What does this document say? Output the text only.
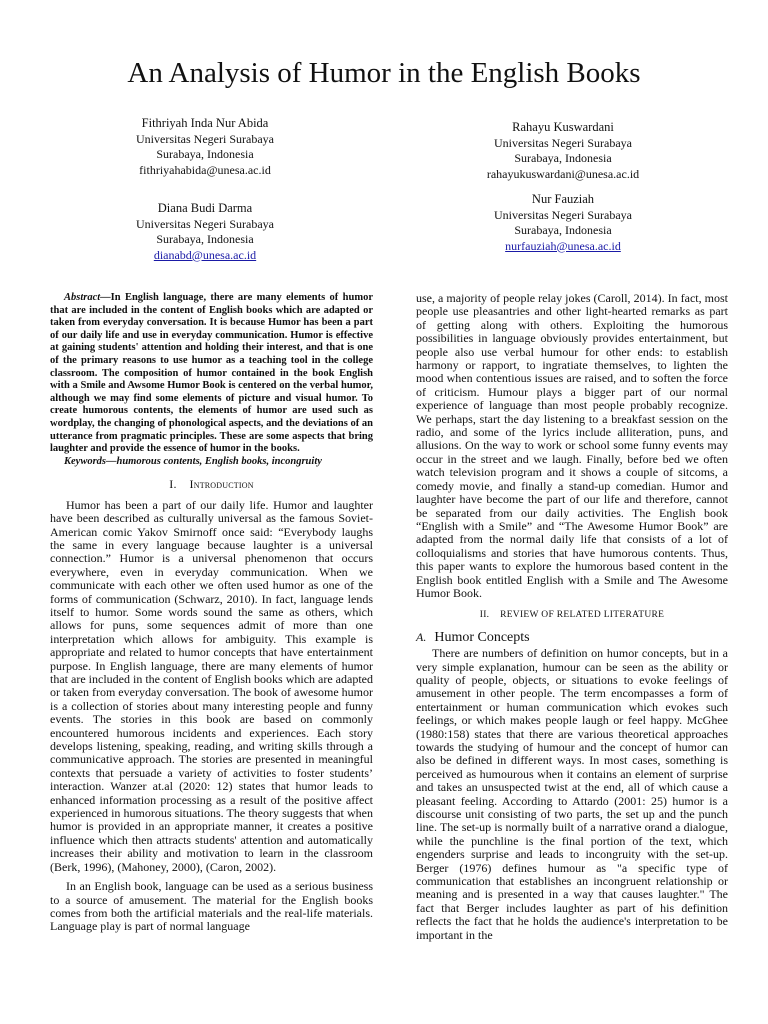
An Analysis of Humor in the English Books
Fithriyah Inda Nur Abida
Universitas Negeri Surabaya
Surabaya, Indonesia
fithriyahabida@unesa.ac.id
Diana Budi Darma
Universitas Negeri Surabaya
Surabaya, Indonesia
dianabd@unesa.ac.id
Rahayu Kuswardani
Universitas Negeri Surabaya
Surabaya, Indonesia
rahayukuswardani@unesa.ac.id
Nur Fauziah
Universitas Negeri Surabaya
Surabaya, Indonesia
nurfauziah@unesa.ac.id

Abstract—In English language, there are many elements of humor that are included in the content of English books which are adapted or taken from everyday conversation. It is because Humor has been a part of our daily life and use in everyday communication. Humor is effective at gaining students' attention and holding their interest, and that is one of the primary reasons to use humor as a teaching tool in the college classroom. The composition of humor contained in the book English with a Smile and Awsome Humor Book is centered on the verbal humor, although we may find some elements of picture and visual humor. To create humorous contents, the elements of humor are used such as wordplay, the changing of phonological aspects, and the deviations of an utterance from pragmatic principles. These are some aspects that bring laughter and provide the essence of humor in the books.

Keywords—humorous contents, English books, incongruity

I. Introduction

Humor has been a part of our daily life. Humor and laughter have been described as culturally universal as the famous Soviet-American comic Yakov Smirnoff once said: “Everybody laughs the same in every language because laughter is a universal connection.” Humor is a universal phenomenon that occurs everywhere, even in everyday communication. When we communicate with each other we often used humor as one of the forms of communication (Schwarz, 2010). In fact, language lends itself to humor. Some words sound the same as others, which allows for puns, some sequences admit of more than one interpretation which allows for ambiguity. This example is appropriate and related to humor concepts that have entertainment purpose. In English language, there are many elements of humor that are included in the content of English books which are adapted or taken from everyday conversation. The book of awesome humor is a collection of stories about many interesting people and funny events. The stories in this book are based on commonly encountered humorous incidents and experiences. Each story develops listening, speaking, reading, and writing skills through a communicative approach. The stories are presented in meaningful contexts that persuade a variety of activities to foster students’ interaction. Wanzer at.al (2020: 12) states that humor leads to enhanced information processing as a result of the positive affect experienced in humorous situations. The theory suggests that when humor is provided in an appropriate manner, it creates a positive influence which then attracts students' attention and automatically increases their ability and motivation to learn in the classroom (Berk, 1996), (Mahoney, 2000), (Caron, 2002).

In an English book, language can be used as a serious business to a source of amusement. The material for the English books comes from both the artificial materials and the real-life materials. Language play is part of normal language

use, a majority of people relay jokes (Caroll, 2014). In fact, most people use pleasantries and other light-hearted remarks as part of getting along with others. Exploiting the humorous possibilities in language obviously provides entertainment, but people also use verbal humour for other ends: to establish harmony or rapport, to ingratiate themselves, to lighten the mood when contentious issues are raised, and to soften the force of criticism. Humour plays a bigger part of our normal experience of language than most people probably recognize. We perhaps, start the day listening to a breakfast session on the radio, and some of the lyrics include alliteration, puns, and allusions. On the way to work or school some funny events may occur in the street and we laugh. Finally, before bed we often watch television program and it shows a couple of sitcoms, a comedy movie, and finally a stand-up comedian. Humor and laughter have become the part of our life and therefore, cannot be separated from our daily activities. The English book “English with a Smile” and “The Awesome Humor Book” are adapted from the normal daily life that consists of a lot of colloquialisms and stories that have humorous contents. Thus, this paper wants to explore the humorous based content in the English book entitled English with a Smile and The Awesome Humor Book.

II. REVIEW OF RELATED LITERATURE
A. Humor Concepts

There are numbers of definition on humor concepts, but in a very simple explanation, humour can be seen as the ability or quality of people, objects, or situations to evoke feelings of amusement in other people. The term encompasses a form of entertainment or human communication which evokes such feelings, or which makes people laugh or feel happy. McGhee (1980:158) states that there are various theoretical approaches towards the studying of humour and the concept of humor can also be defined in different ways. In most cases, something is perceived as humourous when it contains an element of surprise and takes an unsuspected twist at the end, all of which cause a pleasant feeling. According to Attardo (2001: 25) humor is a discourse unit consisting of two parts, the set up and the punch line. The set-up is normally built of a narrative orand a dialogue, while the punchline is the final portion of the text, which engenders surprise and leads to incongruity with the set-up. Berger (1976) defines humour as "a specific type of communication that establishes an incongruent relationship or meaning and is presented in a way that causes laughter." The fact that Berger includes laughter as part of his definition reflects the fact that he holds the audience's interpretation to be important in the
